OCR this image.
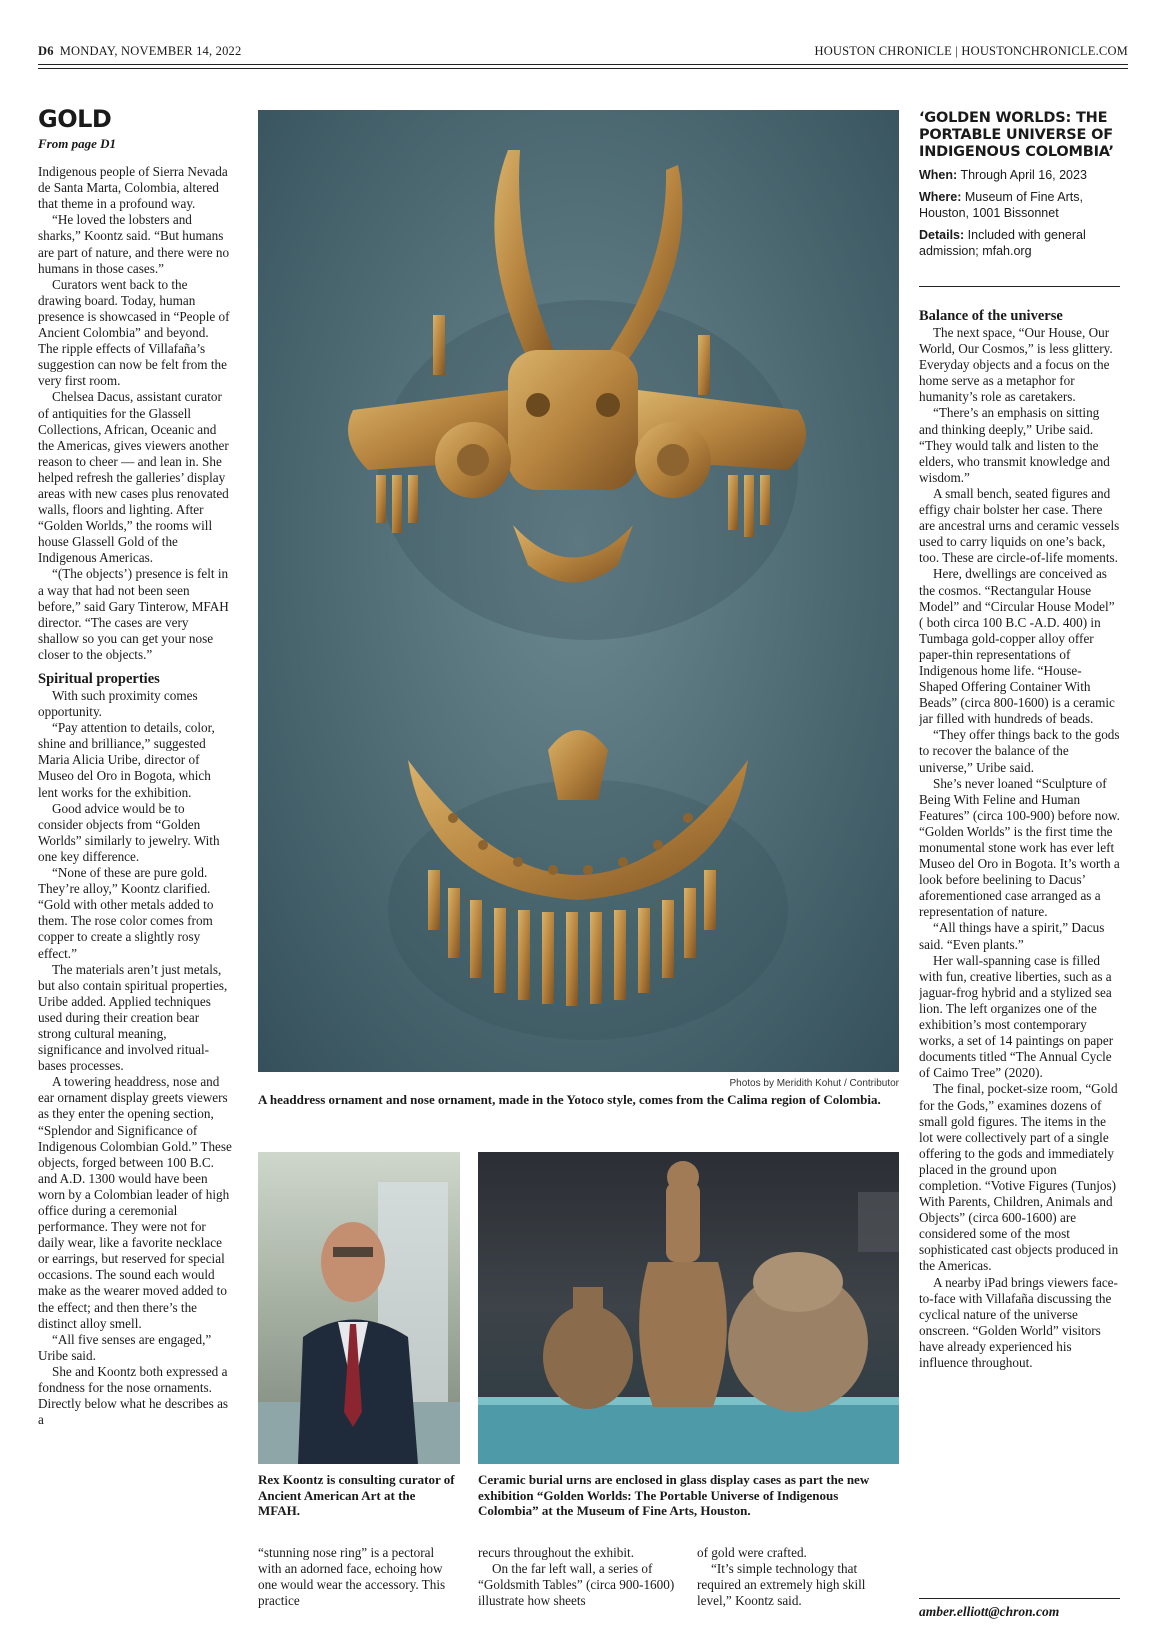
D6 MONDAY, NOVEMBER 14, 2022	HOUSTON CHRONICLE | HOUSTONCHRONICLE.COM
GOLD
From page D1

Indigenous people of Sierra Nevada de Santa Marta, Colombia, altered that theme in a profound way.

“He loved the lobsters and sharks,” Koontz said. “But humans are part of nature, and there were no humans in those cases.”

Curators went back to the drawing board. Today, human presence is showcased in “People of Ancient Colombia” and beyond. The ripple effects of Villafaña’s suggestion can now be felt from the very first room.

Chelsea Dacus, assistant curator of antiquities for the Glassell Collections, African, Oceanic and the Americas, gives viewers another reason to cheer — and lean in. She helped refresh the galleries’ display areas with new cases plus renovated walls, floors and lighting. After “Golden Worlds,” the rooms will house Glassell Gold of the Indigenous Americas.

“(The objects’) presence is felt in a way that had not been seen before,” said Gary Tinterow, MFAH director. “The cases are very shallow so you can get your nose closer to the objects.”

Spiritual properties

With such proximity comes opportunity.

“Pay attention to details, color, shine and brilliance,” suggested Maria Alicia Uribe, director of Museo del Oro in Bogota, which lent works for the exhibition.

Good advice would be to consider objects from “Golden Worlds” similarly to jewelry. With one key difference.

“None of these are pure gold. They’re alloy,” Koontz clarified. “Gold with other metals added to them. The rose color comes from copper to create a slightly rosy effect.”

The materials aren’t just metals, but also contain spiritual properties, Uribe added. Applied techniques used during their creation bear strong cultural meaning, significance and involved ritual-bases processes.

A towering headdress, nose and ear ornament display greets viewers as they enter the opening section, “Splendor and Significance of Indigenous Colombian Gold.” These objects, forged between 100 B.C. and A.D. 1300 would have been worn by a Colombian leader of high office during a ceremonial performance. They were not for daily wear, like a favorite necklace or earrings, but reserved for special occasions. The sound each would make as the wearer moved added to the effect; and then there’s the distinct alloy smell.

“All five senses are engaged,” Uribe said.

She and Koontz both expressed a fondness for the nose ornaments. Directly below what he describes as a

Photos by Meridith Kohut / Contributor
A headdress ornament and nose ornament, made in the Yotoco style, comes from the Calima region of Colombia.
Rex Koontz is consulting curator of Ancient American Art at the MFAH.
Ceramic burial urns are enclosed in glass display cases as part the new exhibition “Golden Worlds: The Portable Universe of Indigenous Colombia” at the Museum of Fine Arts, Houston.

“stunning nose ring” is a pectoral with an adorned face, echoing how one would wear the accessory. This practice

recurs throughout the exhibit.

On the far left wall, a series of “Goldsmith Tables” (circa 900-1600) illustrate how sheets

of gold were crafted.

“It’s simple technology that required an extremely high skill level,” Koontz said.

‘GOLDEN WORLDS: THE PORTABLE UNIVERSE OF INDIGENOUS COLOMBIA’
When: Through April 16, 2023
Where: Museum of Fine Arts, Houston, 1001 Bissonnet
Details: Included with general admission; mfah.org
Balance of the universe

The next space, “Our House, Our World, Our Cosmos,” is less glittery. Everyday objects and a focus on the home serve as a metaphor for humanity’s role as caretakers.

“There’s an emphasis on sitting and thinking deeply,” Uribe said. “They would talk and listen to the elders, who transmit knowledge and wisdom.”

A small bench, seated figures and effigy chair bolster her case. There are ancestral urns and ceramic vessels used to carry liquids on one’s back, too. These are circle-of-life moments.

Here, dwellings are conceived as the cosmos. “Rectangular House Model” and “Circular House Model” ( both circa 100 B.C -A.D. 400) in Tumbaga gold-copper alloy offer paper-thin representations of Indigenous home life. “House-Shaped Offering Container With Beads” (circa 800-1600) is a ceramic jar filled with hundreds of beads.

“They offer things back to the gods to recover the balance of the universe,” Uribe said.

She’s never loaned “Sculpture of Being With Feline and Human Features” (circa 100-900) before now. “Golden Worlds” is the first time the monumental stone work has ever left Museo del Oro in Bogota. It’s worth a look before beelining to Dacus’ aforementioned case arranged as a representation of nature.

“All things have a spirit,” Dacus said. “Even plants.”

Her wall-spanning case is filled with fun, creative liberties, such as a jaguar-frog hybrid and a stylized sea lion. The left organizes one of the exhibition’s most contemporary works, a set of 14 paintings on paper documents titled “The Annual Cycle of Caimo Tree” (2020).

The final, pocket-size room, “Gold for the Gods,” examines dozens of small gold figures. The items in the lot were collectively part of a single offering to the gods and immediately placed in the ground upon completion. “Votive Figures (Tunjos) With Parents, Children, Animals and Objects” (circa 600-1600) are considered some of the most sophisticated cast objects produced in the Americas.

A nearby iPad brings viewers face-to-face with Villafaña discussing the cyclical nature of the universe onscreen. “Golden World” visitors have already experienced his influence throughout.

amber.elliott@chron.com
